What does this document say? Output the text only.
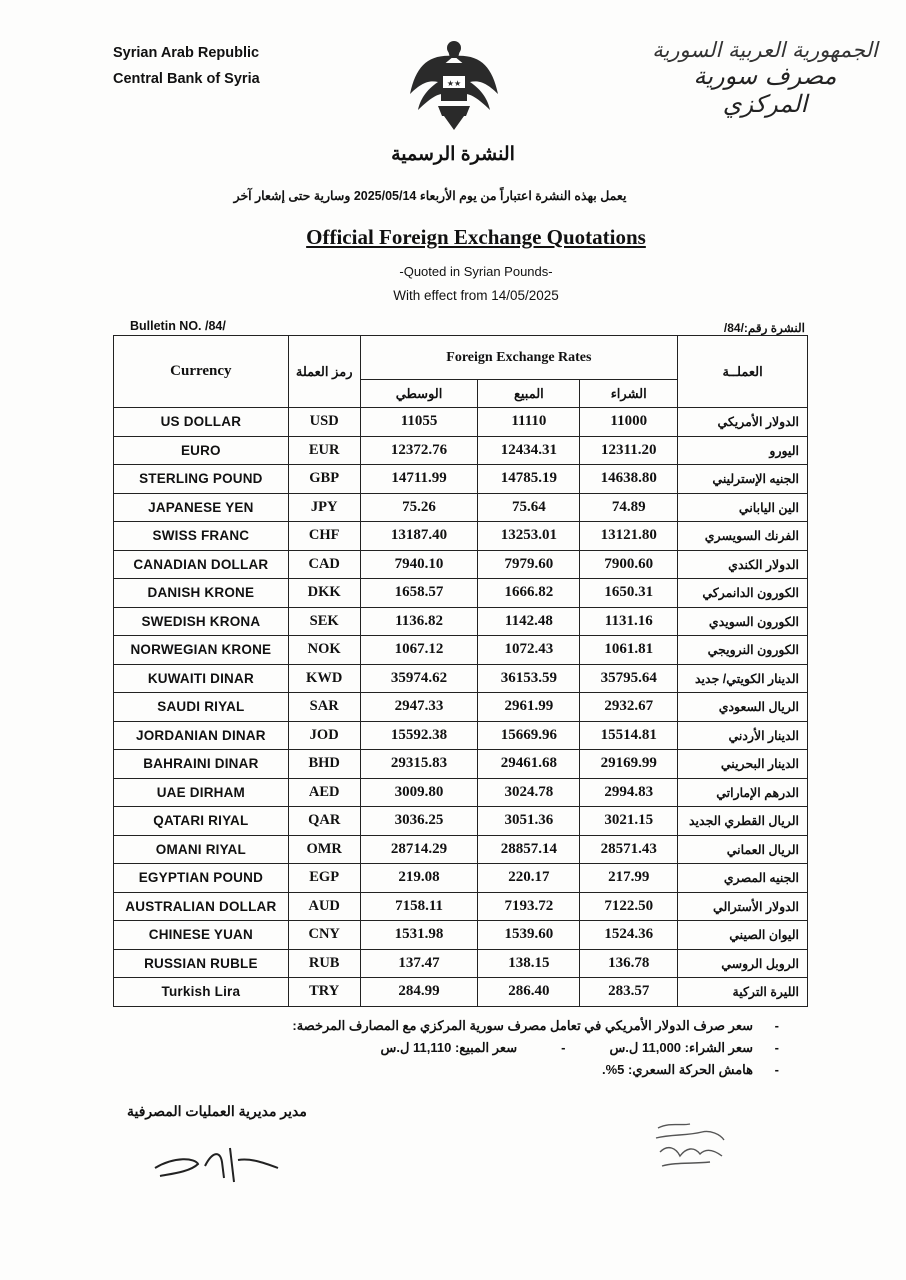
Syrian Arab Republic
Central Bank of Syria	★★
الجمهورية العربية السورية
مصرف سورية المركزي
النشرة الرسمية
يعمل بهذه النشرة اعتباراً من يوم الأربعاء 2025/05/14 وسارية حتى إشعار آخر
Official Foreign Exchange Quotations
-Quoted in Syrian Pounds-
With effect from 14/05/2025
Bulletin NO. /84/	النشرة رقم:/84/
Currency	رمز العملة	Foreign Exchange Rates			العملــة
		الوسطي	المبيع	الشراء	
US DOLLAR	USD	11055	11110	11000	الدولار الأمريكي
EURO	EUR	12372.76	12434.31	12311.20	اليورو
STERLING POUND	GBP	14711.99	14785.19	14638.80	الجنيه الإسترليني
JAPANESE YEN	JPY	75.26	75.64	74.89	الين الياباني
SWISS FRANC	CHF	13187.40	13253.01	13121.80	الفرنك السويسري
CANADIAN DOLLAR	CAD	7940.10	7979.60	7900.60	الدولار الكندي
DANISH KRONE	DKK	1658.57	1666.82	1650.31	الكورون الدانمركي
SWEDISH KRONA	SEK	1136.82	1142.48	1131.16	الكورون السويدي
NORWEGIAN KRONE	NOK	1067.12	1072.43	1061.81	الكورون النرويجي
KUWAITI DINAR	KWD	35974.62	36153.59	35795.64	الدينار الكويتي/ جديد
SAUDI RIYAL	SAR	2947.33	2961.99	2932.67	الريال السعودي
JORDANIAN DINAR	JOD	15592.38	15669.96	15514.81	الدينار الأردني
BAHRAINI DINAR	BHD	29315.83	29461.68	29169.99	الدينار البحريني
UAE DIRHAM	AED	3009.80	3024.78	2994.83	الدرهم الإماراتي
QATARI RIYAL	QAR	3036.25	3051.36	3021.15	الريال القطري الجديد
OMANI RIYAL	OMR	28714.29	28857.14	28571.43	الريال العماني
EGYPTIAN POUND	EGP	219.08	220.17	217.99	الجنيه المصري
AUSTRALIAN DOLLAR	AUD	7158.11	7193.72	7122.50	الدولار الأسترالي
CHINESE YUAN	CNY	1531.98	1539.60	1524.36	اليوان الصيني
RUSSIAN RUBLE	RUB	137.47	138.15	136.78	الروبل الروسي
Turkish Lira	TRY	284.99	286.40	283.57	الليرة التركية
-
سعر صرف الدولار الأمريكي في تعامل مصرف سورية المركزي مع المصارف المرخصة:
-
سعر الشراء: 11,000 ل.س
-
سعر المبيع: 11,110 ل.س
-
هامش الحركة السعري: 5%.
مدير مديرية العمليات المصرفية
